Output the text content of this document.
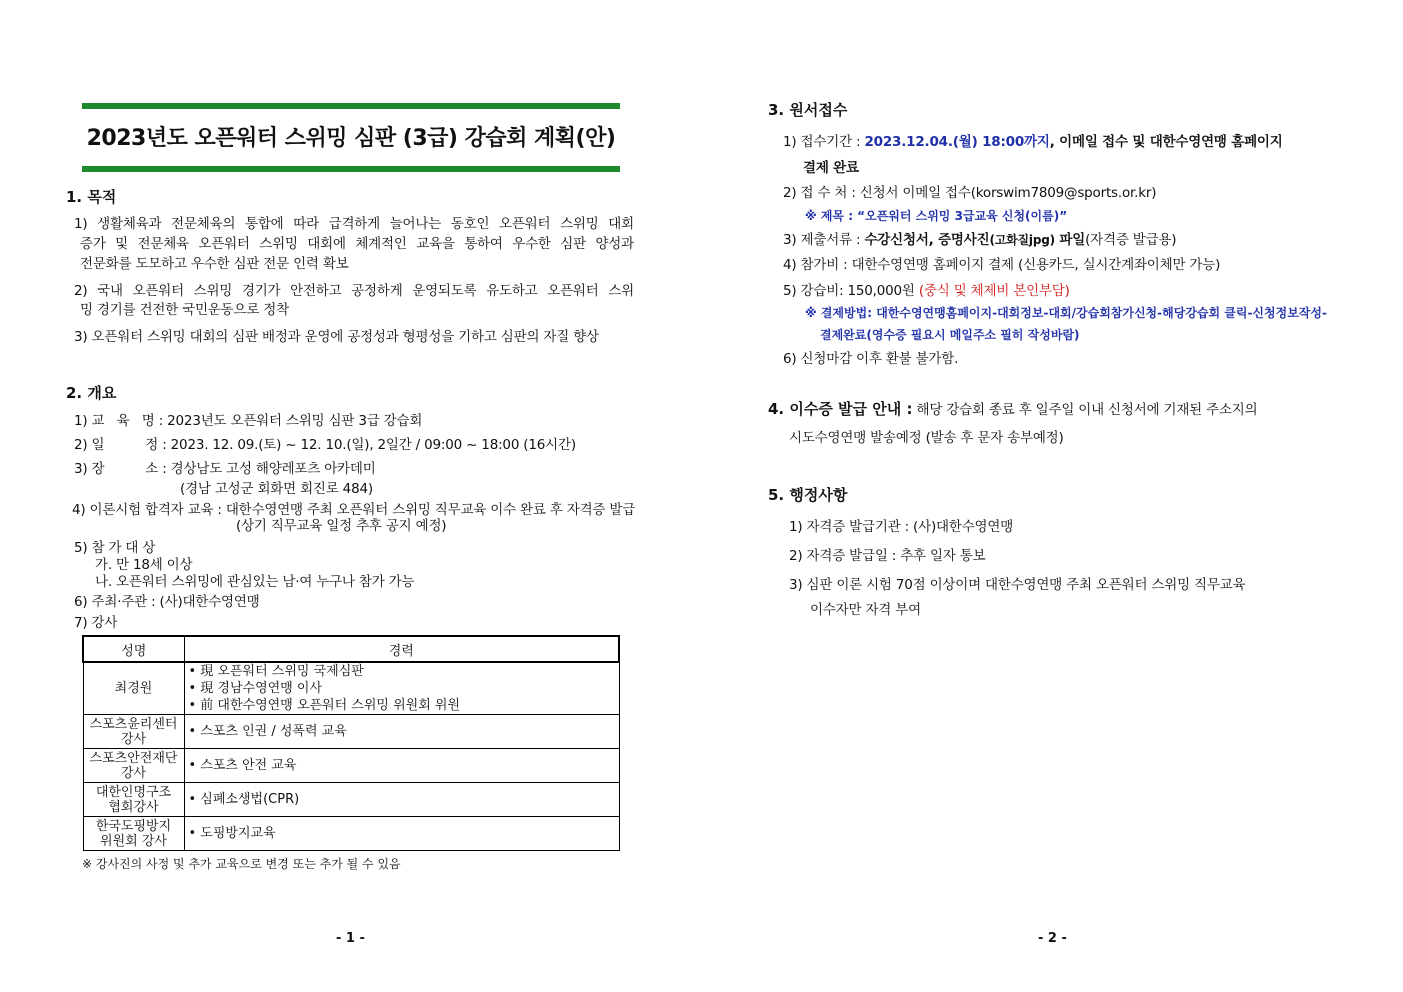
2023년도 오픈워터 스위밍 심판 (3급) 강습회 계획(안)
1. 목적
1) 생활체육과 전문체육의 통합에 따라 급격하게 늘어나는 동호인 오픈워터 스위밍 대회
증가 및 전문체육 오픈워터 스위밍 대회에 체계적인 교육을 통하여 우수한 심판 양성과
전문화를 도모하고 우수한 심판 전문 인력 확보
2) 국내 오픈워터 스위밍 경기가 안전하고 공정하게 운영되도록 유도하고 오픈워터 스위
밍 경기를 건전한 국민운동으로 정착
3) 오픈워터 스위밍 대회의 심판 배정과 운영에 공정성과 형평성을 기하고 심판의 자질 향상
2. 개요
1) 교   육   명 : 2023년도 오픈워터 스위밍 심판 3급 강습회
2) 일          정 : 2023. 12. 09.(토) ~ 12. 10.(일), 2일간 / 09:00 ~ 18:00 (16시간)
3) 장          소 : 경상남도 고성 해양레포츠 아카데미
(경남 고성군 회화면 회진로 484)
4) 이론시험 합격자 교육 : 대한수영연맹 주최 오픈워터 스위밍 직무교육 이수 완료 후 자격증 발급
(상기 직무교육 일정 추후 공지 예정)
5) 참 가 대 상
가. 만 18세 이상
나. 오픈워터 스위밍에 관심있는 남·여 누구나 참가 가능
6) 주최·주관 : (사)대한수영연맹
7) 강사
성명	경력
최경원	• 現 오픈워터 스위밍 국제심판
• 現 경남수영연맹 이사
• 前 대한수영연맹 오픈워터 스위밍 위원회 위원

스포츠윤리센터
강사	• 스포츠 인권 / 성폭력 교육

스포츠안전재단
강사	• 스포츠 안전 교육

대한인명구조
협회강사	• 심폐소생법(CPR)

한국도핑방지
위원회 강사	• 도핑방지교육
※ 강사진의 사정 및 추가 교육으로 변경 또는 추가 될 수 있음
- 1 -
3. 원서접수
1) 접수기간 : 2023.12.04.(월) 18:00까지, 이메일 접수 및 대한수영연맹 홈페이지
결제 완료
2) 접 수 처 : 신청서 이메일 접수(korswim7809@sports.or.kr)
※ 제목 : “오픈워터 스위밍 3급교육 신청(이름)”
3) 제출서류 : 수강신청서, 증명사진(고화질jpg) 파일(자격증 발급용)
4) 참가비 : 대한수영연맹 홈페이지 결제 (신용카드, 실시간계좌이체만 가능)
5) 강습비: 150,000원 (중식 및 체제비 본인부담)
※ 결제방법: 대한수영연맹홈페이지-대회정보-대회/강습회참가신청-해당강습회 클릭-신청정보작성-
결제완료(영수증 필요시 메일주소 필히 작성바람)
6) 신청마감 이후 환불 불가함.
4. 이수증 발급 안내 : 해당 강습회 종료 후 일주일 이내 신청서에 기재된 주소지의
시도수영연맹 발송예정 (발송 후 문자 송부예정)
5. 행정사항
1) 자격증 발급기관 : (사)대한수영연맹
2) 자격증 발급일 : 추후 일자 통보
3) 심판 이론 시험 70점 이상이며 대한수영연맹 주최 오픈워터 스위밍 직무교육
이수자만 자격 부여
- 2 -
